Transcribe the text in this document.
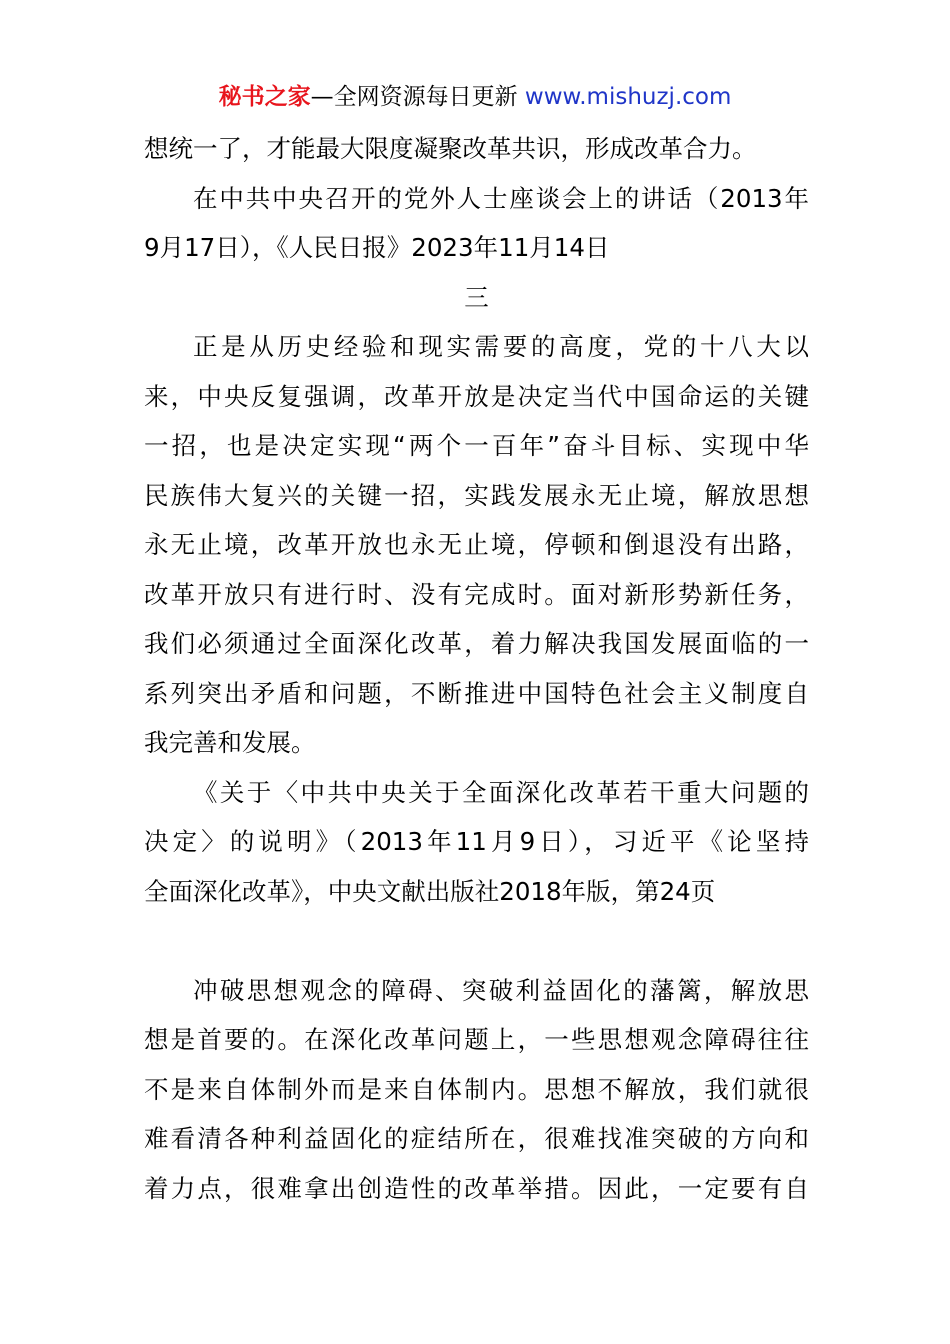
秘书之家—全网资源每日更新 www.mishuzj.com
想统一了，才能最大限度凝聚改革共识，形成改革合力。
在中共中央召开的党外人士座谈会上的讲话（2013年
9月17日），《人民日报》2023年11月14日
三
正是从历史经验和现实需要的高度，党的十八大以
来，中央反复强调，改革开放是决定当代中国命运的关键
一招，也是决定实现“两个一百年”奋斗目标、实现中华
民族伟大复兴的关键一招，实践发展永无止境，解放思想
永无止境，改革开放也永无止境，停顿和倒退没有出路，
改革开放只有进行时、没有完成时。面对新形势新任务，
我们必须通过全面深化改革，着力解决我国发展面临的一
系列突出矛盾和问题，不断推进中国特色社会主义制度自
我完善和发展。
《关于〈中共中央关于全面深化改革若干重大问题的
决定〉的说明》（2013年11月9日），习近平《论坚持
全面深化改革》，中央文献出版社2018年版，第24页
冲破思想观念的障碍、突破利益固化的藩篱，解放思
想是首要的。在深化改革问题上，一些思想观念障碍往往
不是来自体制外而是来自体制内。思想不解放，我们就很
难看清各种利益固化的症结所在，很难找准突破的方向和
着力点，很难拿出创造性的改革举措。因此，一定要有自
